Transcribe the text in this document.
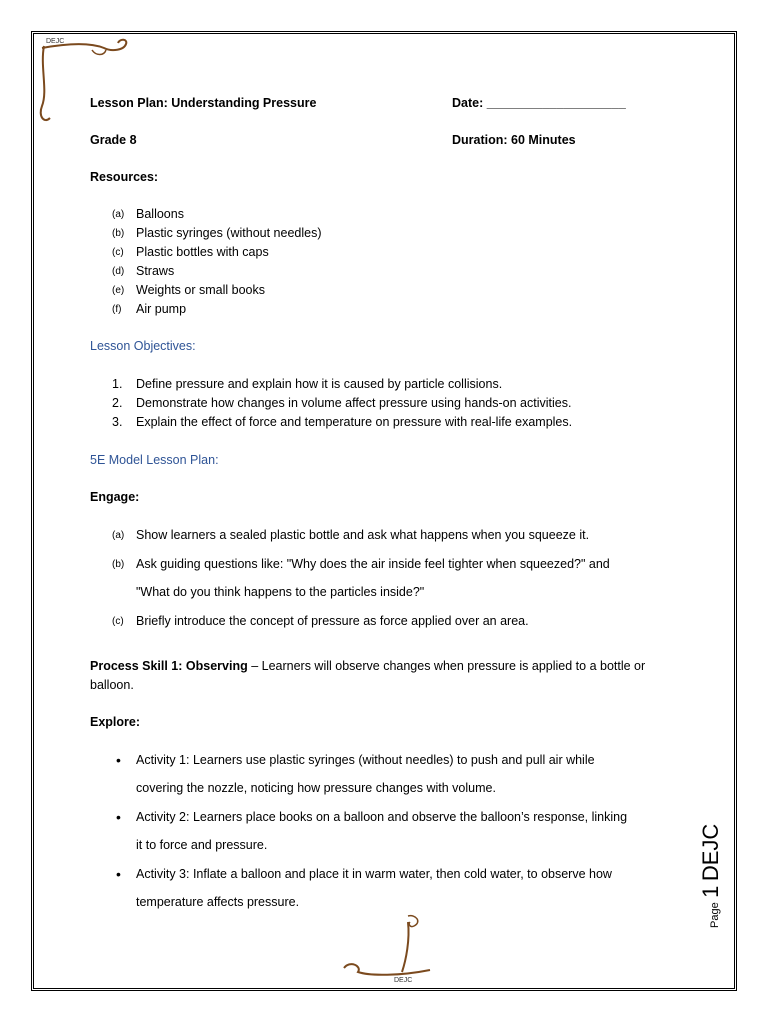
DEJC
DEJC
Lesson Plan: Understanding Pressure	Date: ____________________
Grade 8	Duration: 60 Minutes
Resources:
(a) Balloons
(b) Plastic syringes (without needles)
(c) Plastic bottles with caps
(d) Straws
(e) Weights or small books
(f) Air pump
Lesson Objectives:
1. Define pressure and explain how it is caused by particle collisions.
2. Demonstrate how changes in volume affect pressure using hands-on activities.
3. Explain the effect of force and temperature on pressure with real-life examples.
5E Model Lesson Plan:
Engage:
(a) Show learners a sealed plastic bottle and ask what happens when you squeeze it.
(b) Ask guiding questions like: "Why does the air inside feel tighter when squeezed?" and
"What do you think happens to the particles inside?"
(c) Briefly introduce the concept of pressure as force applied over an area.
Process Skill 1: Observing – Learners will observe changes when pressure is applied to a bottle or balloon.
Explore:
• Activity 1: Learners use plastic syringes (without needles) to push and pull air while
covering the nozzle, noticing how pressure changes with volume.
• Activity 2: Learners place books on a balloon and observe the balloon’s response, linking
it to force and pressure.
• Activity 3: Inflate a balloon and place it in warm water, then cold water, to observe how
temperature affects pressure.
Page 1 DEJC
